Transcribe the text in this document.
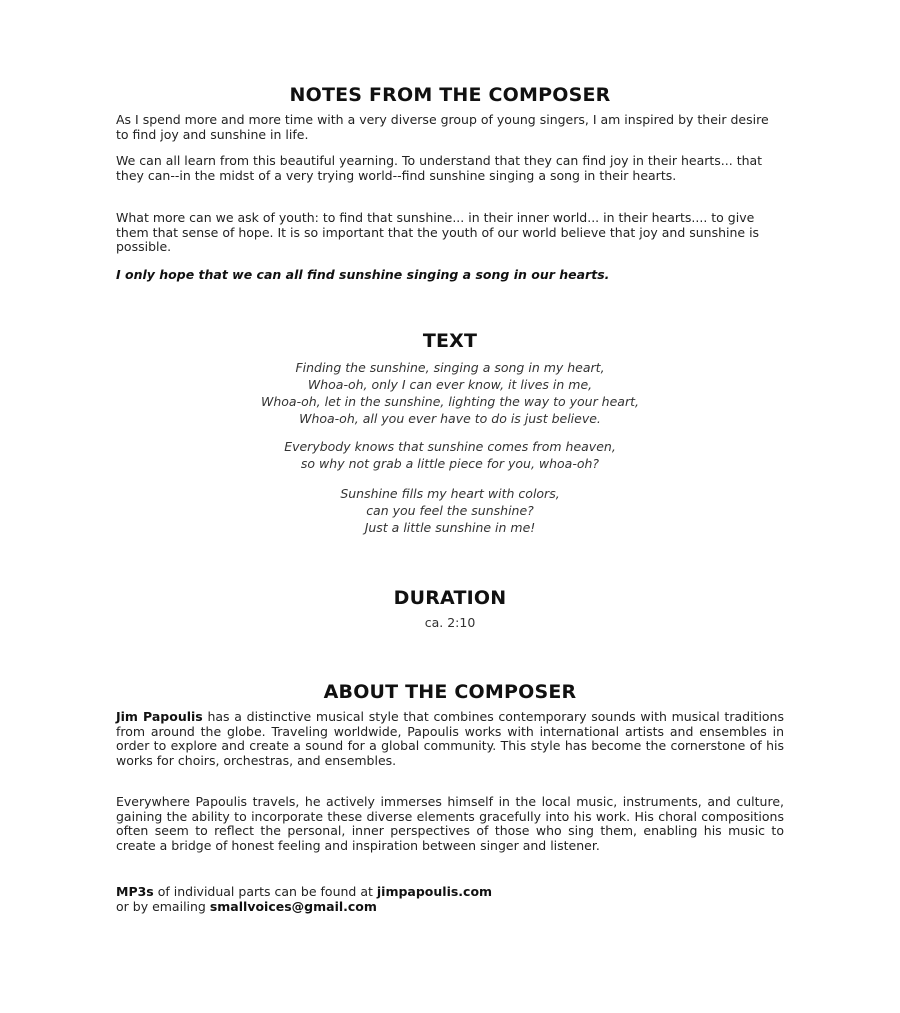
NOTES FROM THE COMPOSER

As I spend more and more time with a very diverse group of young singers, I am inspired by their desire to find joy and sunshine in life.

We can all learn from this beautiful yearning. To understand that they can find joy in their hearts... that they can--in the midst of a very trying world--find sunshine singing a song in their hearts.

What more can we ask of youth: to find that sunshine... in their inner world... in their hearts.... to give them that sense of hope. It is so important that the youth of our world believe that joy and sunshine is possible.

I only hope that we can all find sunshine singing a song in our hearts.

TEXT
Finding the sunshine, singing a song in my heart,
Whoa-oh, only I can ever know, it lives in me,
Whoa-oh, let in the sunshine, lighting the way to your heart,
Whoa-oh, all you ever have to do is just believe.
Everybody knows that sunshine comes from heaven,
so why not grab a little piece for you, whoa-oh?
Sunshine fills my heart with colors,
can you feel the sunshine?
Just a little sunshine in me!
DURATION

ca. 2:10

ABOUT THE COMPOSER

Jim Papoulis has a distinctive musical style that combines contemporary sounds with musical traditions from around the globe. Traveling worldwide, Papoulis works with international artists and ensembles in order to explore and create a sound for a global community. This style has become the cornerstone of his works for choirs, orchestras, and ensembles.

Everywhere Papoulis travels, he actively immerses himself in the local music, instruments, and culture, gaining the ability to incorporate these diverse elements gracefully into his work. His choral compositions often seem to reflect the personal, inner perspectives of those who sing them, enabling his music to create a bridge of honest feeling and inspiration between singer and listener.

MP3s of individual parts can be found at jimpapoulis.com
or by emailing smallvoices@gmail.com
